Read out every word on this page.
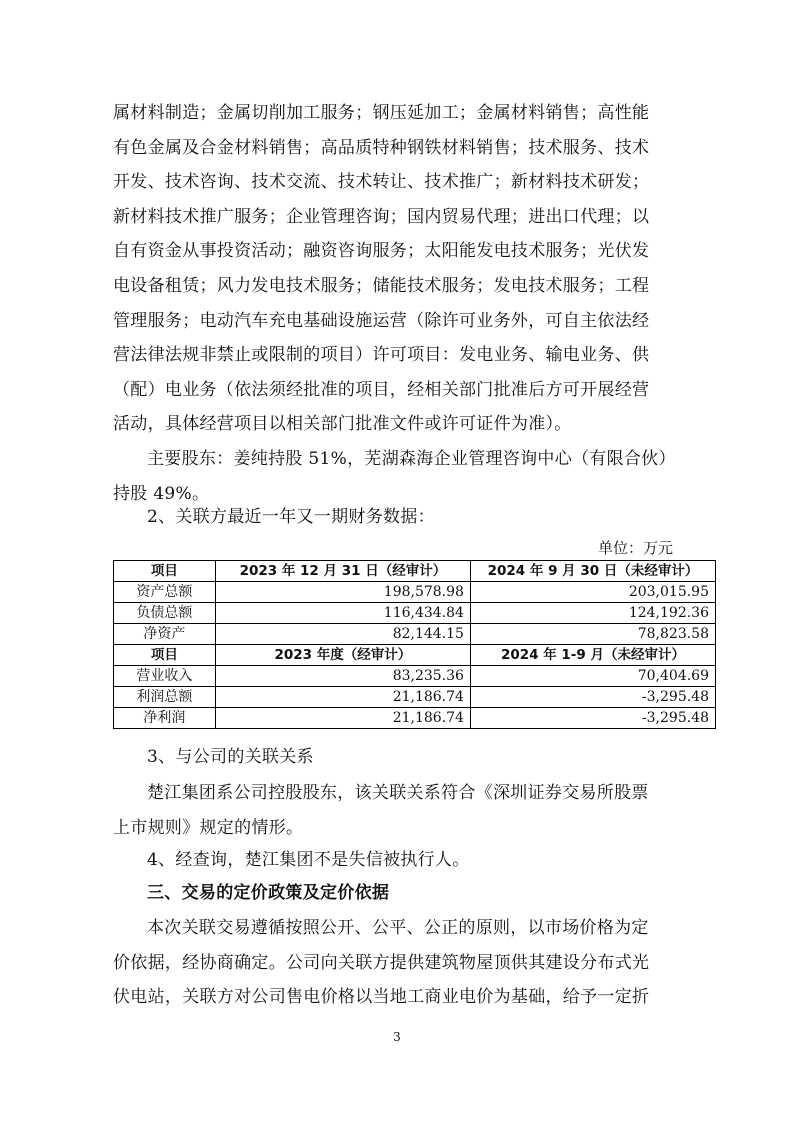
属材料制造；金属切削加工服务；钢压延加工；金属材料销售；高性能
有色金属及合金材料销售；高品质特种钢铁材料销售；技术服务、技术
开发、技术咨询、技术交流、技术转让、技术推广；新材料技术研发；
新材料技术推广服务；企业管理咨询；国内贸易代理；进出口代理；以
自有资金从事投资活动；融资咨询服务；太阳能发电技术服务；光伏发
电设备租赁；风力发电技术服务；储能技术服务；发电技术服务；工程
管理服务；电动汽车充电基础设施运营（除许可业务外，可自主依法经
营法律法规非禁止或限制的项目）许可项目：发电业务、输电业务、供
（配）电业务（依法须经批准的项目，经相关部门批准后方可开展经营
活动，具体经营项目以相关部门批准文件或许可证件为准）。
主要股东：姜纯持股 51%，芜湖森海企业管理咨询中心（有限合伙）
持股 49%。
2、关联方最近一年又一期财务数据：
单位：万元
项目	2023 年 12 月 31 日（经审计）	2024 年 9 月 30 日（未经审计）
资产总额	198,578.98	203,015.95
负债总额	116,434.84	124,192.36
净资产	82,144.15	78,823.58
项目	2023 年度（经审计）	2024 年 1-9 月（未经审计）
营业收入	83,235.36	70,404.69
利润总额	21,186.74	-3,295.48
净利润	21,186.74	-3,295.48
3、与公司的关联关系
楚江集团系公司控股股东，该关联关系符合《深圳证券交易所股票
上市规则》规定的情形。
4、经查询，楚江集团不是失信被执行人。
三、交易的定价政策及定价依据
本次关联交易遵循按照公开、公平、公正的原则，以市场价格为定
价依据，经协商确定。公司向关联方提供建筑物屋顶供其建设分布式光
伏电站，关联方对公司售电价格以当地工商业电价为基础，给予一定折
3
